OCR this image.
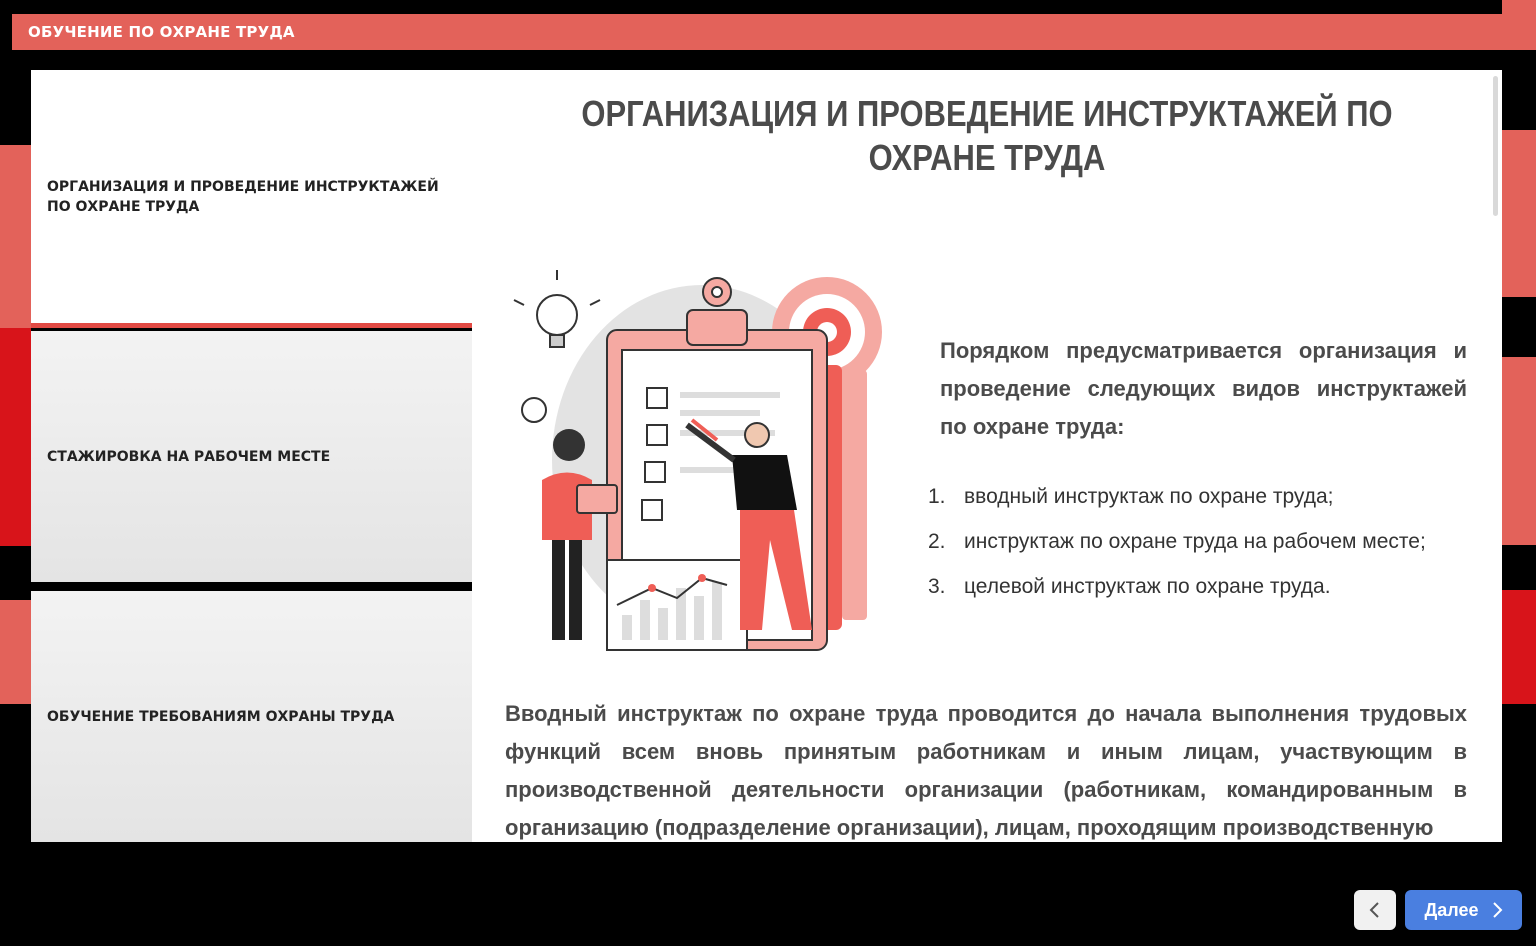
ОБУЧЕНИЕ ПО ОХРАНЕ ТРУДА
ОРГАНИЗАЦИЯ И ПРОВЕДЕНИЕ ИНСТРУКТАЖЕЙ ПО ОХРАНЕ ТРУДА
СТАЖИРОВКА НА РАБОЧЕМ МЕСТЕ
ОБУЧЕНИЕ ТРЕБОВАНИЯМ ОХРАНЫ ТРУДА
ОРГАНИЗАЦИЯ И ПРОВЕДЕНИЕ ИНСТРУКТАЖЕЙ ПО ОХРАНЕ ТРУДА
Порядком предусматривается организация и проведение следующих видов инструктажей по охране труда:
1. вводный инструктаж по охране труда;
2. инструктаж по охране труда на рабочем месте;
3. целевой инструктаж по охране труда.
Вводный инструктаж по охране труда проводится до начала выполнения трудовых функций всем вновь принятым работникам и иным лицам, участвующим в производственной деятельности организации (работникам, командированным в организацию (подразделение организации), лицам, проходящим производственную
Далее
